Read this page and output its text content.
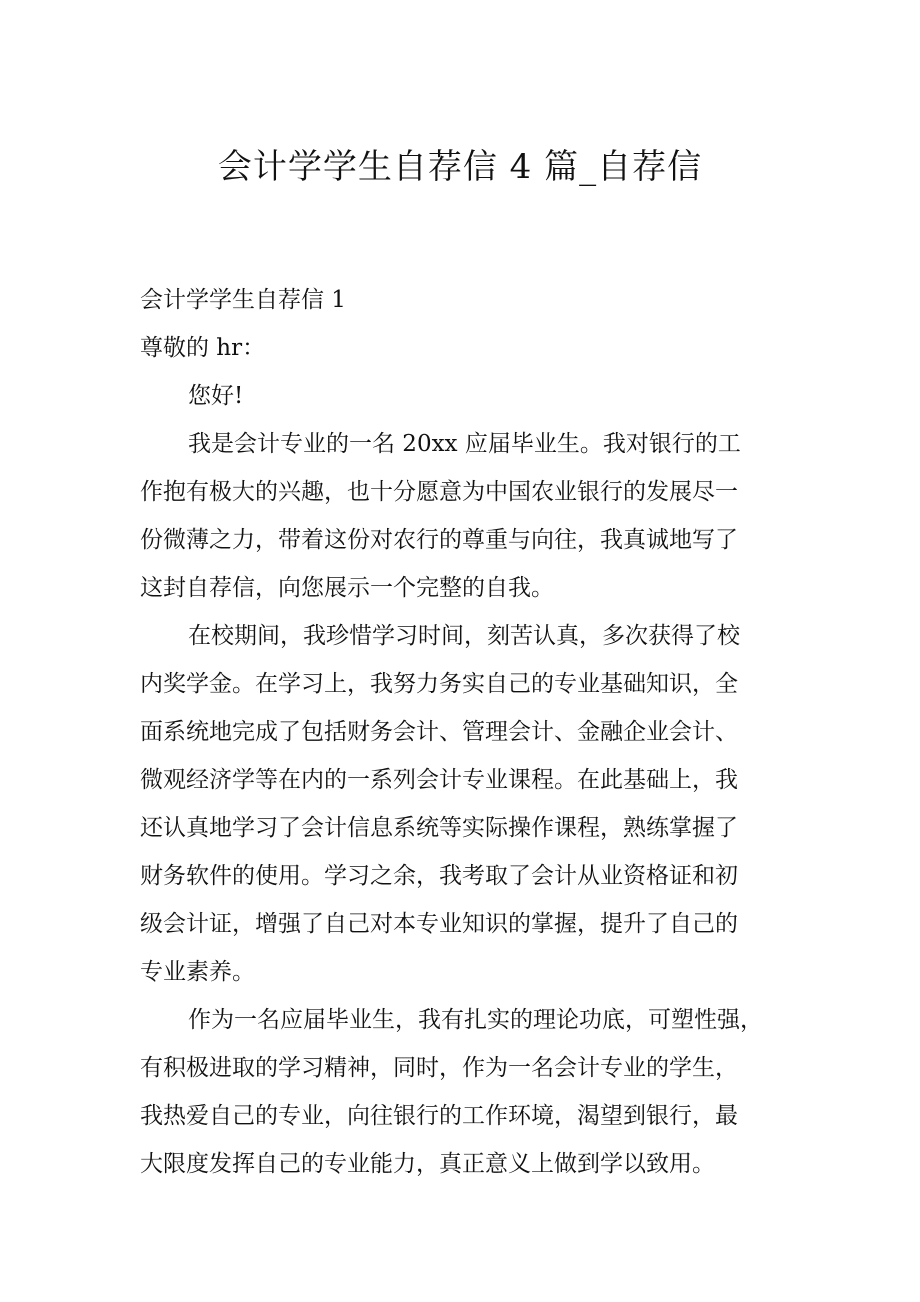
会计学学生自荐信 4 篇_自荐信

会计学学生自荐信 1

尊敬的 hr：

您好!

我是会计专业的一名 20xx 应届毕业生。我对银行的工

作抱有极大的兴趣，也十分愿意为中国农业银行的发展尽一

份微薄之力，带着这份对农行的尊重与向往，我真诚地写了

这封自荐信，向您展示一个完整的自我。

在校期间，我珍惜学习时间，刻苦认真，多次获得了校

内奖学金。在学习上，我努力务实自己的专业基础知识，全

面系统地完成了包括财务会计、管理会计、金融企业会计、

微观经济学等在内的一系列会计专业课程。在此基础上，我

还认真地学习了会计信息系统等实际操作课程，熟练掌握了

财务软件的使用。学习之余，我考取了会计从业资格证和初

级会计证，增强了自己对本专业知识的掌握，提升了自己的

专业素养。

作为一名应届毕业生，我有扎实的理论功底，可塑性强，

有积极进取的学习精神，同时，作为一名会计专业的学生，

我热爱自己的专业，向往银行的工作环境，渴望到银行，最

大限度发挥自己的专业能力，真正意义上做到学以致用。
